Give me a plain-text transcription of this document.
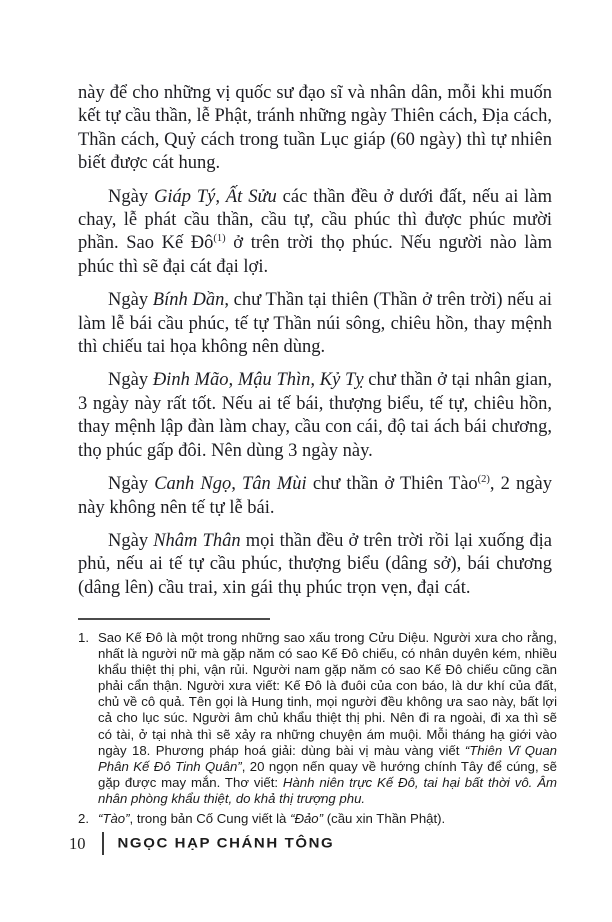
này để cho những vị quốc sư đạo sĩ và nhân dân, mỗi khi muốn kết tự cầu thần, lễ Phật, tránh những ngày Thiên cách, Địa cách, Thần cách, Quỷ cách trong tuần Lục giáp (60 ngày) thì tự nhiên biết được cát hung.

Ngày Giáp Tý, Ất Sửu các thần đều ở dưới đất, nếu ai làm chay, lễ phát cầu thần, cầu tự, cầu phúc thì được phúc mười phần. Sao Kế $Đô^{(1)}$ ở trên trời thọ phúc. Nếu người nào làm phúc thì sẽ đại cát đại lợi.

Ngày Bính Dần, chư Thần tại thiên (Thần ở trên trời) nếu ai làm lễ bái cầu phúc, tế tự Thần núi sông, chiêu hồn, thay mệnh thì chiếu tai họa không nên dùng.

Ngày Đinh Mão, Mậu Thìn, Kỷ Tỵ chư thần ở tại nhân gian, 3 ngày này rất tốt. Nếu ai tế bái, thượng biểu, tế tự, chiêu hồn, thay mệnh lập đàn làm chay, cầu con cái, độ tai ách bái chương, thọ phúc gấp đôi. Nên dùng 3 ngày này.

Ngày Canh Ngọ, Tân Mùi chư thần ở Thiên Tào$^{(2)}$, 2 ngày này không nên tế tự lễ bái.

Ngày Nhâm Thân mọi thần đều ở trên trời rồi lại xuống địa phủ, nếu ai tế tự cầu phúc, thượng biểu (dâng sở), bái chương (dâng lên) cầu trai, xin gái thụ phúc trọn vẹn, đại cát.

1. Sao Kế Đô là một trong những sao xấu trong Cửu Diệu. Người xưa cho rằng, nhất là người nữ mà gặp năm có sao Kế Đô chiếu, có nhân duyên kém, nhiều khẩu thiệt thị phi, vận rủi. Người nam gặp năm có sao Kế Đô chiếu cũng cần phải cẩn thận. Người xưa viết: Kế Đô là đuôi của con báo, là dư khí của đất, chủ về cô quả. Tên gọi là Hung tinh, mọi người đều không ưa sao này, bất lợi cả cho lục súc. Người âm chủ khẩu thiệt thị phi. Nên đi ra ngoài, đi xa thì sẽ có tài, ở tại nhà thì sẽ xảy ra những chuyện ám muội. Mỗi tháng hạ giới vào ngày 18. Phương pháp hoá giải: dùng bài vị màu vàng viết “Thiên Vĩ Quan Phân Kế Đô Tinh Quân”, 20 ngọn nến quay về hướng chính Tây để cúng, sẽ gặp được may mắn. Thơ viết: Hành niên trực Kế Đô, tai hại bất thời vô. Âm nhân phòng khẩu thiệt, do khả thị trượng phu.
2. “Tào”, trong bản Cố Cung viết là “Đảo” (cầu xin Thần Phật).
10 NGỌC HẠP CHÁNH TÔNG
